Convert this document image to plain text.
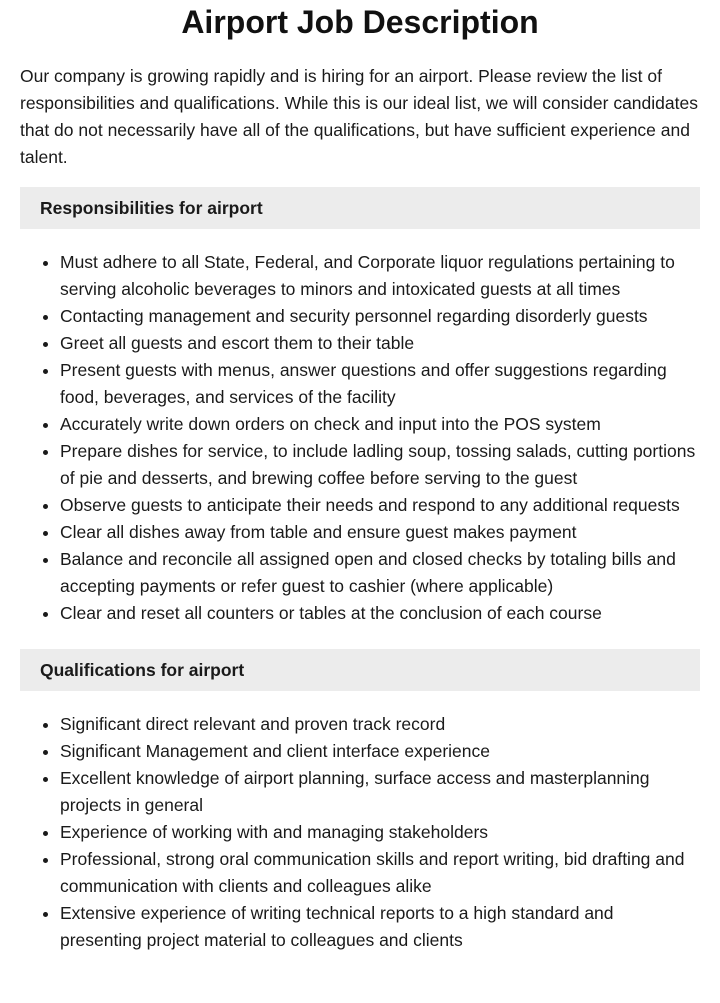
Airport Job Description

Our company is growing rapidly and is hiring for an airport. Please review the list of responsibilities and qualifications. While this is our ideal list, we will consider candidates that do not necessarily have all of the qualifications, but have sufficient experience and talent.

Responsibilities for airport
• Must adhere to all State, Federal, and Corporate liquor regulations pertaining to serving alcoholic beverages to minors and intoxicated guests at all times
• Contacting management and security personnel regarding disorderly guests
• Greet all guests and escort them to their table
• Present guests with menus, answer questions and offer suggestions regarding food, beverages, and services of the facility
• Accurately write down orders on check and input into the POS system
• Prepare dishes for service, to include ladling soup, tossing salads, cutting portions of pie and desserts, and brewing coffee before serving to the guest
• Observe guests to anticipate their needs and respond to any additional requests
• Clear all dishes away from table and ensure guest makes payment
• Balance and reconcile all assigned open and closed checks by totaling bills and accepting payments or refer guest to cashier (where applicable)
• Clear and reset all counters or tables at the conclusion of each course
Qualifications for airport
• Significant direct relevant and proven track record
• Significant Management and client interface experience
• Excellent knowledge of airport planning, surface access and masterplanning projects in general
• Experience of working with and managing stakeholders
• Professional, strong oral communication skills and report writing, bid drafting and communication with clients and colleagues alike
• Extensive experience of writing technical reports to a high standard and presenting project material to colleagues and clients
